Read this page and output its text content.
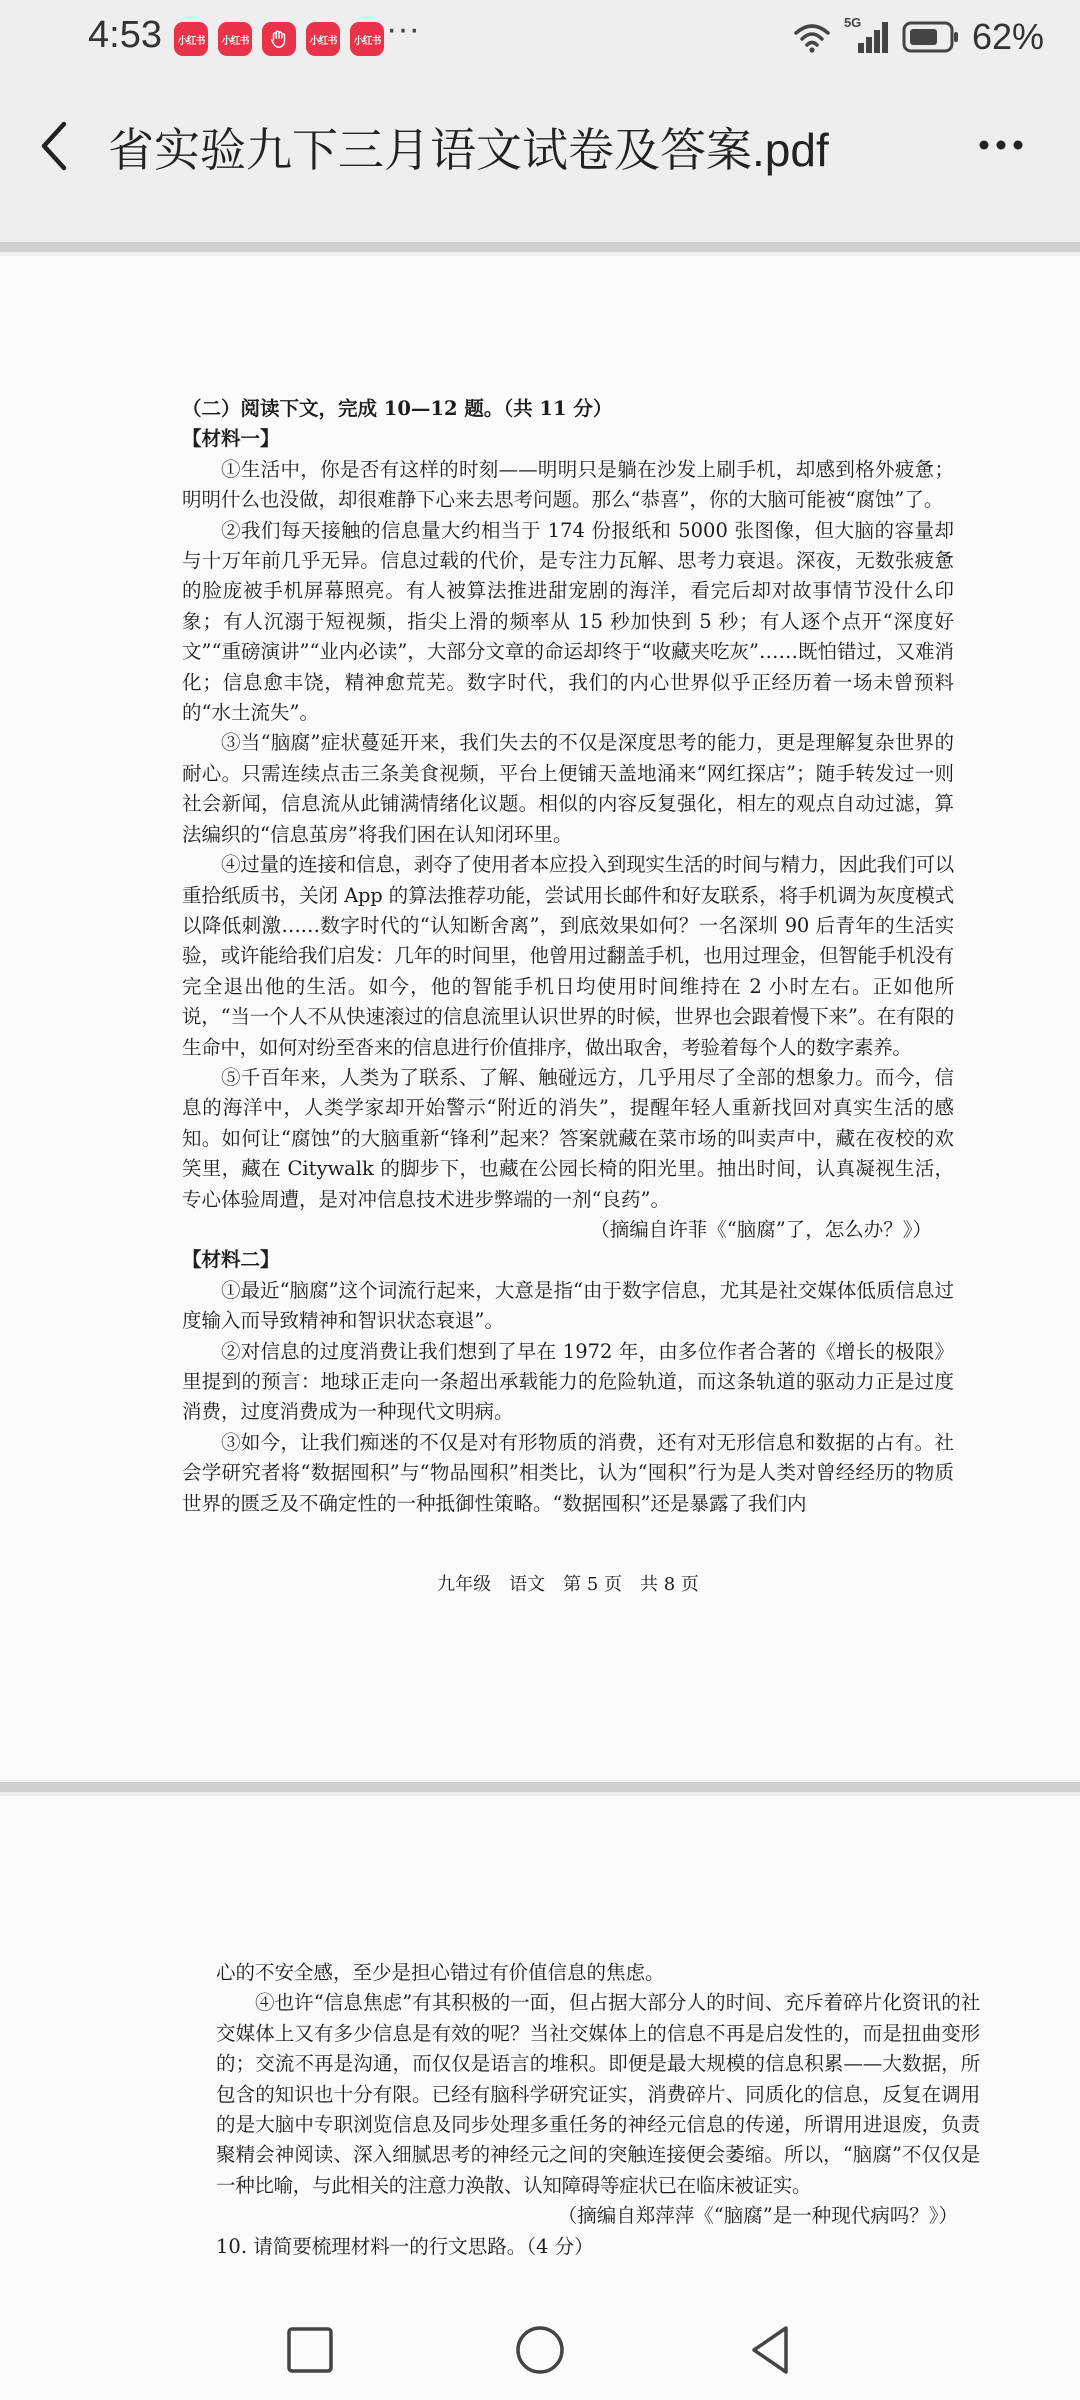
4:53	小红书	小红书	小红书	小红书 ···	5G	62%
省实验九下三月语文试卷及答案.pdf

（二）阅读下文，完成 10—12 题。（共 11 分）

【材料一】

①生活中，你是否有这样的时刻——明明只是躺在沙发上刷手机，却感到格外疲惫；明明什么也没做，却很难静下心来去思考问题。那么“恭喜”，你的大脑可能被“腐蚀”了。

②我们每天接触的信息量大约相当于 174 份报纸和 5000 张图像，但大脑的容量却与十万年前几乎无异。信息过载的代价，是专注力瓦解、思考力衰退。深夜，无数张疲惫的脸庞被手机屏幕照亮。有人被算法推进甜宠剧的海洋，看完后却对故事情节没什么印象；有人沉溺于短视频，指尖上滑的频率从 15 秒加快到 5 秒；有人逐个点开“深度好文”“重磅演讲”“业内必读”，大部分文章的命运却终于“收藏夹吃灰”……既怕错过，又难消化；信息愈丰饶，精神愈荒芜。数字时代，我们的内心世界似乎正经历着一场未曾预料的“水土流失”。

③当“脑腐”症状蔓延开来，我们失去的不仅是深度思考的能力，更是理解复杂世界的耐心。只需连续点击三条美食视频，平台上便铺天盖地涌来“网红探店”；随手转发过一则社会新闻，信息流从此铺满情绪化议题。相似的内容反复强化，相左的观点自动过滤，算法编织的“信息茧房”将我们困在认知闭环里。

④过量的连接和信息，剥夺了使用者本应投入到现实生活的时间与精力，因此我们可以重拾纸质书，关闭 App 的算法推荐功能，尝试用长邮件和好友联系，将手机调为灰度模式以降低刺激……数字时代的“认知断舍离”，到底效果如何？一名深圳 90 后青年的生活实验，或许能给我们启发：几年的时间里，他曾用过翻盖手机，也用过理金，但智能手机没有完全退出他的生活。如今，他的智能手机日均使用时间维持在 2 小时左右。正如他所说，“当一个人不从快速滚过的信息流里认识世界的时候，世界也会跟着慢下来”。在有限的生命中，如何对纷至沓来的信息进行价值排序，做出取舍，考验着每个人的数字素养。

⑤千百年来，人类为了联系、了解、触碰远方，几乎用尽了全部的想象力。而今，信息的海洋中，人类学家却开始警示“附近的消失”，提醒年轻人重新找回对真实生活的感知。如何让“腐蚀”的大脑重新“锋利”起来？答案就藏在菜市场的叫卖声中，藏在夜校的欢笑里，藏在 Citywalk 的脚步下，也藏在公园长椅的阳光里。抽出时间，认真凝视生活，专心体验周遭，是对冲信息技术进步弊端的一剂“良药”。

（摘编自许菲《“脑腐”了，怎么办？》）

【材料二】

①最近“脑腐”这个词流行起来，大意是指“由于数字信息，尤其是社交媒体低质信息过度输入而导致精神和智识状态衰退”。

②对信息的过度消费让我们想到了早在 1972 年，由多位作者合著的《增长的极限》里提到的预言：地球正走向一条超出承载能力的危险轨道，而这条轨道的驱动力正是过度消费，过度消费成为一种现代文明病。

③如今，让我们痴迷的不仅是对有形物质的消费，还有对无形信息和数据的占有。社会学研究者将“数据囤积”与“物品囤积”相类比，认为“囤积”行为是人类对曾经经历的物质世界的匮乏及不确定性的一种抵御性策略。“数据囤积”还是暴露了我们内

九年级　语文　第 5 页　共 8 页

心的不安全感，至少是担心错过有价值信息的焦虑。

④也许“信息焦虑”有其积极的一面，但占据大部分人的时间、充斥着碎片化资讯的社交媒体上又有多少信息是有效的呢？当社交媒体上的信息不再是启发性的，而是扭曲变形的；交流不再是沟通，而仅仅是语言的堆积。即便是最大规模的信息积累——大数据，所包含的知识也十分有限。已经有脑科学研究证实，消费碎片、同质化的信息，反复在调用的是大脑中专职浏览信息及同步处理多重任务的神经元信息的传递，所谓用进退废，负责聚精会神阅读、深入细腻思考的神经元之间的突触连接便会萎缩。所以，“脑腐”不仅仅是一种比喻，与此相关的注意力涣散、认知障碍等症状已在临床被证实。

（摘编自郑萍萍《“脑腐”是一种现代病吗？》）

10. 请简要梳理材料一的行文思路。（4 分）
